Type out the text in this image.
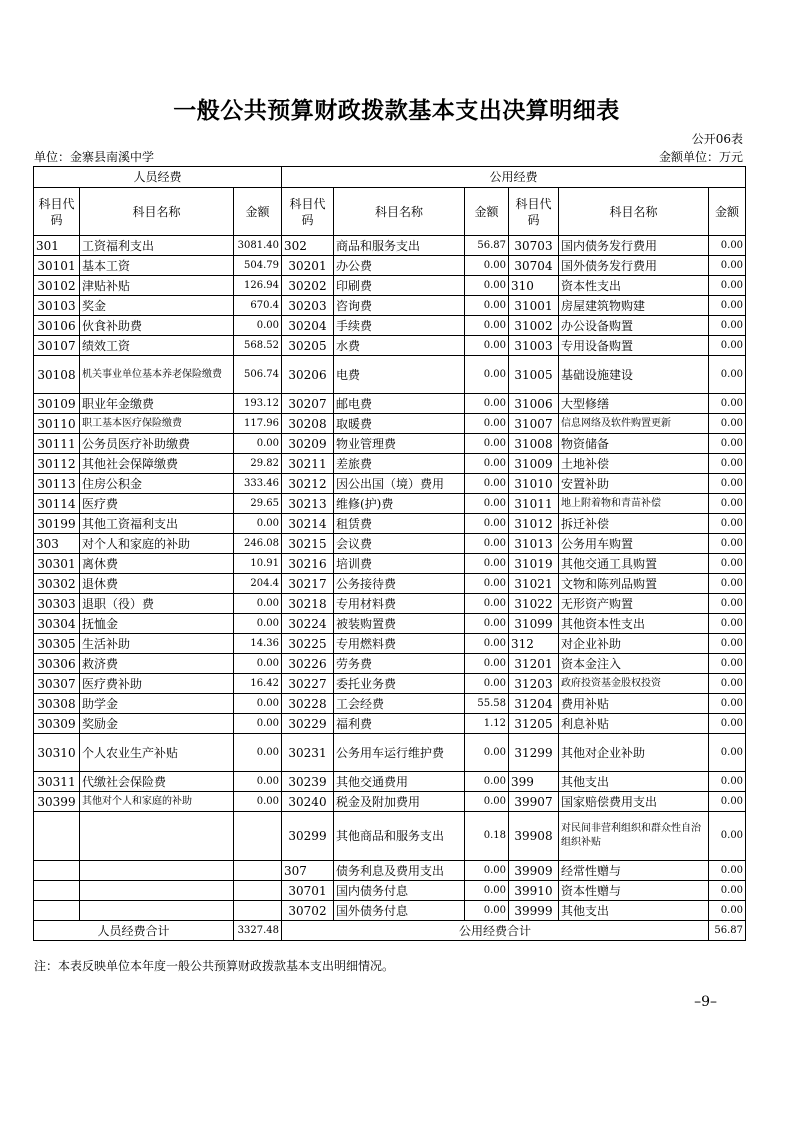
一般公共预算财政拨款基本支出决算明细表
公开06表
单位：金寨县南溪中学	金额单位：万元
人员经费			公用经费					
科目代码	科目名称	金额	科目代码	科目名称	金额	科目代码	科目名称	金额
301	工资福利支出	3081.40	302	商品和服务支出	56.87	30703	国内债务发行费用	0.00
30101	基本工资	504.79	30201	办公费	0.00	30704	国外债务发行费用	0.00
30102	津贴补贴	126.94	30202	印刷费	0.00	310	资本性支出	0.00
30103	奖金	670.4	30203	咨询费	0.00	31001	房屋建筑物购建	0.00
30106	伙食补助费	0.00	30204	手续费	0.00	31002	办公设备购置	0.00
30107	绩效工资	568.52	30205	水费	0.00	31003	专用设备购置	0.00
30108	机关事业单位基本养老保险缴费	506.74	30206	电费	0.00	31005	基础设施建设	0.00
30109	职业年金缴费	193.12	30207	邮电费	0.00	31006	大型修缮	0.00
30110	职工基本医疗保险缴费	117.96	30208	取暖费	0.00	31007	信息网络及软件购置更新	0.00
30111	公务员医疗补助缴费	0.00	30209	物业管理费	0.00	31008	物资储备	0.00
30112	其他社会保障缴费	29.82	30211	差旅费	0.00	31009	土地补偿	0.00
30113	住房公积金	333.46	30212	因公出国（境）费用	0.00	31010	安置补助	0.00
30114	医疗费	29.65	30213	维修(护)费	0.00	31011	地上附着物和青苗补偿	0.00
30199	其他工资福利支出	0.00	30214	租赁费	0.00	31012	拆迁补偿	0.00
303	对个人和家庭的补助	246.08	30215	会议费	0.00	31013	公务用车购置	0.00
30301	离休费	10.91	30216	培训费	0.00	31019	其他交通工具购置	0.00
30302	退休费	204.4	30217	公务接待费	0.00	31021	文物和陈列品购置	0.00
30303	退职（役）费	0.00	30218	专用材料费	0.00	31022	无形资产购置	0.00
30304	抚恤金	0.00	30224	被装购置费	0.00	31099	其他资本性支出	0.00
30305	生活补助	14.36	30225	专用燃料费	0.00	312	对企业补助	0.00
30306	救济费	0.00	30226	劳务费	0.00	31201	资本金注入	0.00
30307	医疗费补助	16.42	30227	委托业务费	0.00	31203	政府投资基金股权投资	0.00
30308	助学金	0.00	30228	工会经费	55.58	31204	费用补贴	0.00
30309	奖励金	0.00	30229	福利费	1.12	31205	利息补贴	0.00
30310	个人农业生产补贴	0.00	30231	公务用车运行维护费	0.00	31299	其他对企业补助	0.00
30311	代缴社会保险费	0.00	30239	其他交通费用	0.00	399	其他支出	0.00
30399	其他对个人和家庭的补助	0.00	30240	税金及附加费用	0.00	39907	国家赔偿费用支出	0.00
			30299	其他商品和服务支出	0.18	39908	对民间非营利组织和群众性自治组织补贴	0.00
			307	债务利息及费用支出	0.00	39909	经常性赠与	0.00
			30701	国内债务付息	0.00	39910	资本性赠与	0.00
			30702	国外债务付息	0.00	39999	其他支出	0.00
人员经费合计		3327.48	公用经费合计					56.87
注：本表反映单位本年度一般公共预算财政拨款基本支出明细情况。
–9–
